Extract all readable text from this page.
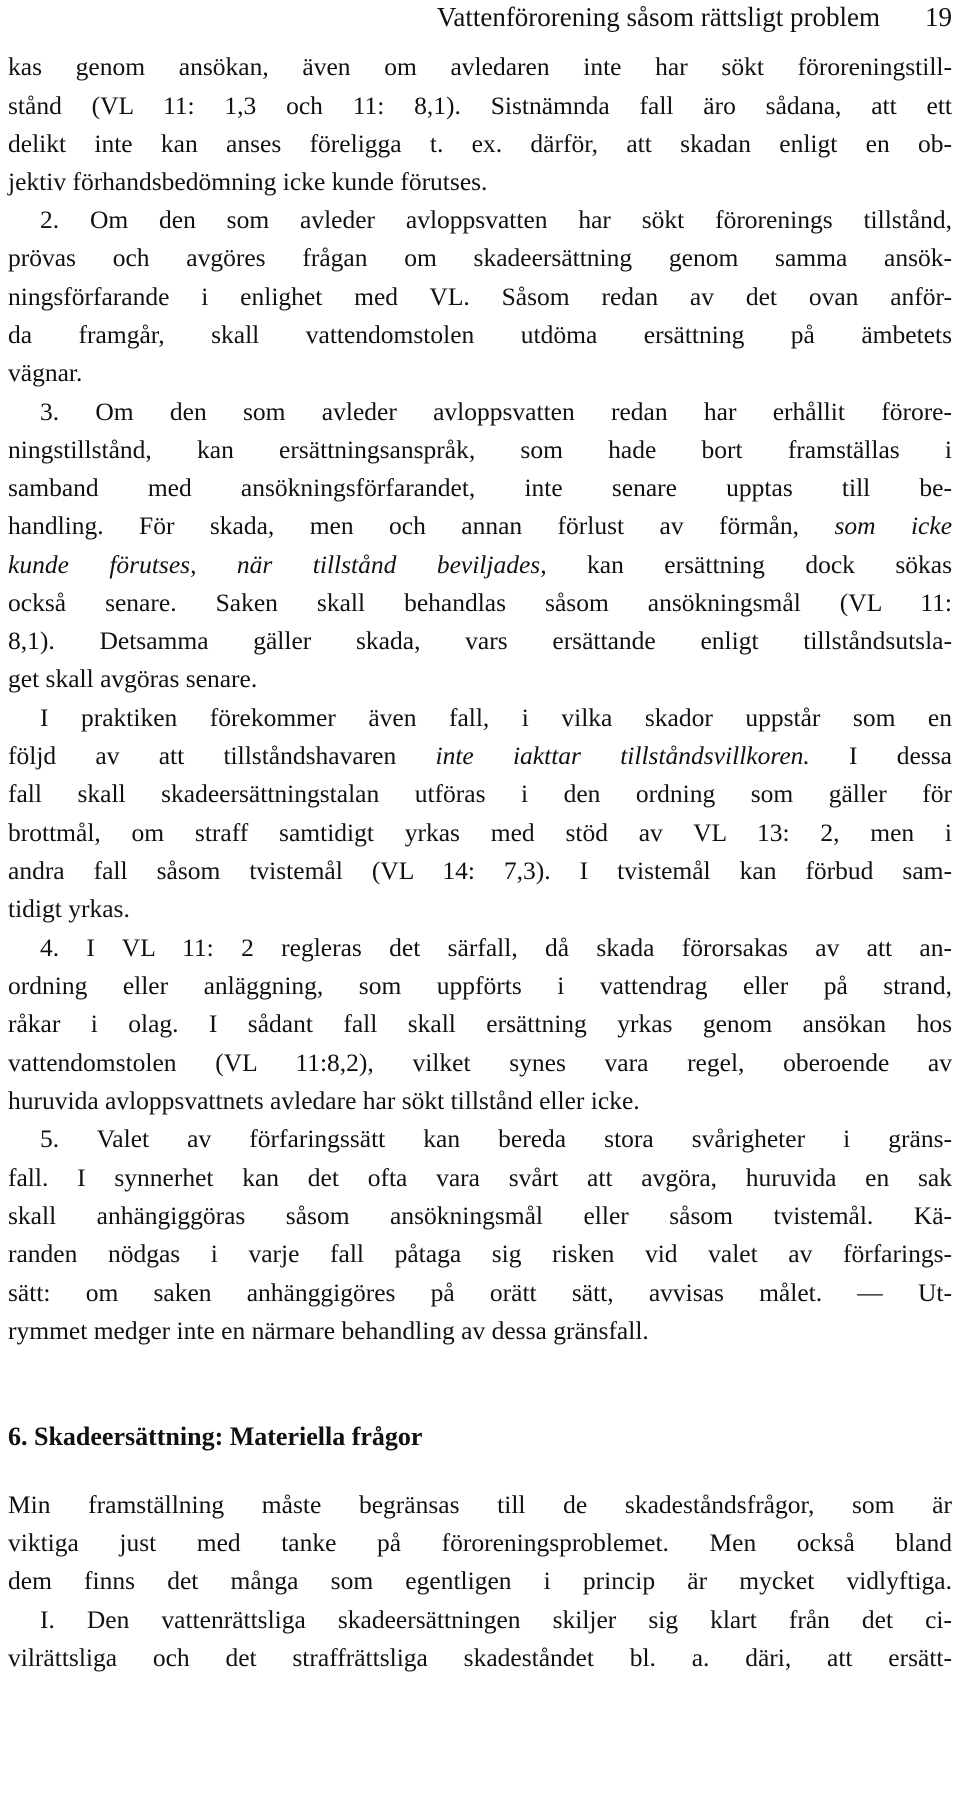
Vattenförorening såsom rättsligt problem 19
kas genom ansökan, även om avledaren inte har sökt föroreningstill-
stånd (VL 11: 1,3 och 11: 8,1). Sistnämnda fall äro sådana, att ett
delikt inte kan anses föreligga t. ex. därför, att skadan enligt en ob-
jektiv förhandsbedömning icke kunde förutses.
2. Om den som avleder avloppsvatten har sökt förorenings tillstånd,
prövas och avgöres frågan om skadeersättning genom samma ansök-
ningsförfarande i enlighet med VL. Såsom redan av det ovan anför-
da framgår, skall vattendomstolen utdöma ersättning på ämbetets
vägnar.
3. Om den som avleder avloppsvatten redan har erhållit förore-
ningstillstånd, kan ersättningsanspråk, som hade bort framställas i
samband med ansökningsförfarandet, inte senare upptas till be-
handling. För skada, men och annan förlust av förmån, som icke
kunde förutses, när tillstånd beviljades, kan ersättning dock sökas
också senare. Saken skall behandlas såsom ansökningsmål (VL 11:
8,1). Detsamma gäller skada, vars ersättande enligt tillståndsutsla-
get skall avgöras senare.
I praktiken förekommer även fall, i vilka skador uppstår som en
följd av att tillståndshavaren inte iakttar tillståndsvillkoren. I dessa
fall skall skadeersättningstalan utföras i den ordning som gäller för
brottmål, om straff samtidigt yrkas med stöd av VL 13: 2, men i
andra fall såsom tvistemål (VL 14: 7,3). I tvistemål kan förbud sam-
tidigt yrkas.
4. I VL 11: 2 regleras det särfall, då skada förorsakas av att an-
ordning eller anläggning, som uppförts i vattendrag eller på strand,
råkar i olag. I sådant fall skall ersättning yrkas genom ansökan hos
vattendomstolen (VL 11:8,2), vilket synes vara regel, oberoende av
huruvida avloppsvattnets avledare har sökt tillstånd eller icke.
5. Valet av förfaringssätt kan bereda stora svårigheter i gräns-
fall. I synnerhet kan det ofta vara svårt att avgöra, huruvida en sak
skall anhängiggöras såsom ansökningsmål eller såsom tvistemål. Kä-
randen nödgas i varje fall påtaga sig risken vid valet av förfarings-
sätt: om saken anhänggigöres på orätt sätt, avvisas målet. — Ut-
rymmet medger inte en närmare behandling av dessa gränsfall.
6. Skadeersättning: Materiella frågor
Min framställning måste begränsas till de skadeståndsfrågor, som är
viktiga just med tanke på föroreningsproblemet. Men också bland
dem finns det många som egentligen i princip är mycket vidlyftiga.
I. Den vattenrättsliga skadeersättningen skiljer sig klart från det ci-
vilrättsliga och det straffrättsliga skadeståndet bl. a. däri, att ersätt-
